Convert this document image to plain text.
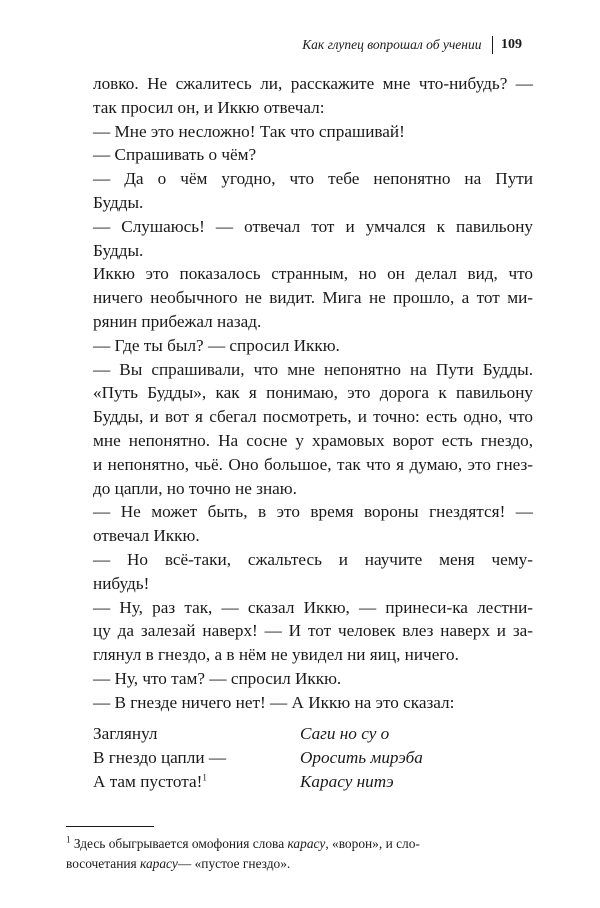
Как глупец вопрошал об учении 109
ловко. Не сжалитесь ли, расскажите мне что-нибудь? —
так просил он, и Иккю отвечал:
— Мне это несложно! Так что спрашивай!
— Спрашивать о чём?
— Да о чём угодно, что тебе непонятно на Пути
Будды.
— Слушаюсь! — отвечал тот и умчался к павильону
Будды.
Иккю это показалось странным, но он делал вид, что
ничего необычного не видит. Мига не прошло, а тот ми-
рянин прибежал назад.
— Где ты был? — спросил Иккю.
— Вы спрашивали, что мне непонятно на Пути Будды.
«Путь Будды», как я понимаю, это дорога к павильону
Будды, и вот я сбегал посмотреть, и точно: есть одно, что
мне непонятно. На сосне у храмовых ворот есть гнездо,
и непонятно, чьё. Оно большое, так что я думаю, это гнез-
до цапли, но точно не знаю.
— Не может быть, в это время вороны гнездятся! —
отвечал Иккю.
— Но всё-таки, сжальтесь и научите меня чему-
нибудь!
— Ну, раз так, — сказал Иккю, — принеси-ка лестни-
цу да залезай наверх! — И тот человек влез наверх и за-
глянул в гнездо, а в нём не увидел ни яиц, ничего.
— Ну, что там? — спросил Иккю.
— В гнезде ничего нет! — А Иккю на это сказал:
Заглянул	Саги но су о
В гнездо цапли —	Оросить мирэба
А там пустота!$^1$	Карасу нитэ
$^1$ Здесь обыгрывается омофония слова карасу, «ворон», и сло-
восочетания карасу— «пустое гнездо».
